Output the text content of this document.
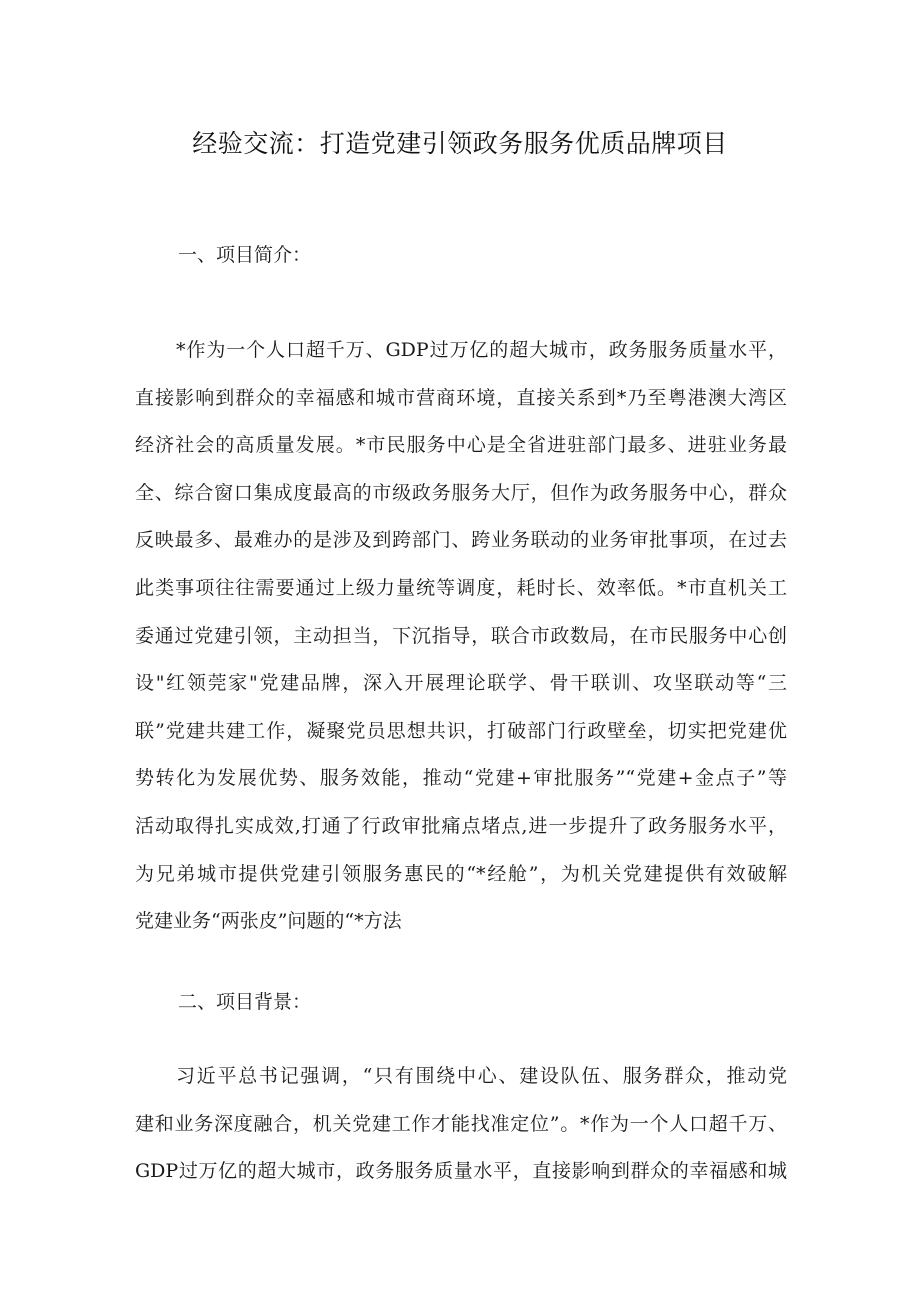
经验交流：打造党建引领政务服务优质品牌项目
一、项目简介：

*作为一个人口超千万、GDP过万亿的超大城市，政务服务质量水平，
直接影响到群众的幸福感和城市营商环境，直接关系到*乃至粤港澳大湾区
经济社会的高质量发展。*市民服务中心是全省进驻部门最多、进驻业务最
全、综合窗口集成度最高的市级政务服务大厅，但作为政务服务中心，群众
反映最多、最难办的是涉及到跨部门、跨业务联动的业务审批事项，在过去
此类事项往往需要通过上级力量统等调度，耗时长、效率低。*市直机关工
委通过党建引领，主动担当，下沉指导，联合市政数局，在市民服务中心创
设"红领莞家"党建品牌，深入开展理论联学、骨干联训、攻坚联动等“三
联”党建共建工作，凝聚党员思想共识，打破部门行政壁垒，切实把党建优
势转化为发展优势、服务效能，推动“党建+审批服务”“党建+金点子”等
活动取得扎实成效,打通了行政审批痛点堵点,进一步提升了政务服务水平，
为兄弟城市提供党建引领服务惠民的“*经舱”，为机关党建提供有效破解
党建业务“两张皮”问题的“*方法

二、项目背景：

习近平总书记强调，“只有围绕中心、建设队伍、服务群众，推动党
建和业务深度融合，机关党建工作才能找准定位”。*作为一个人口超千万、
GDP过万亿的超大城市，政务服务质量水平，直接影响到群众的幸福感和城
